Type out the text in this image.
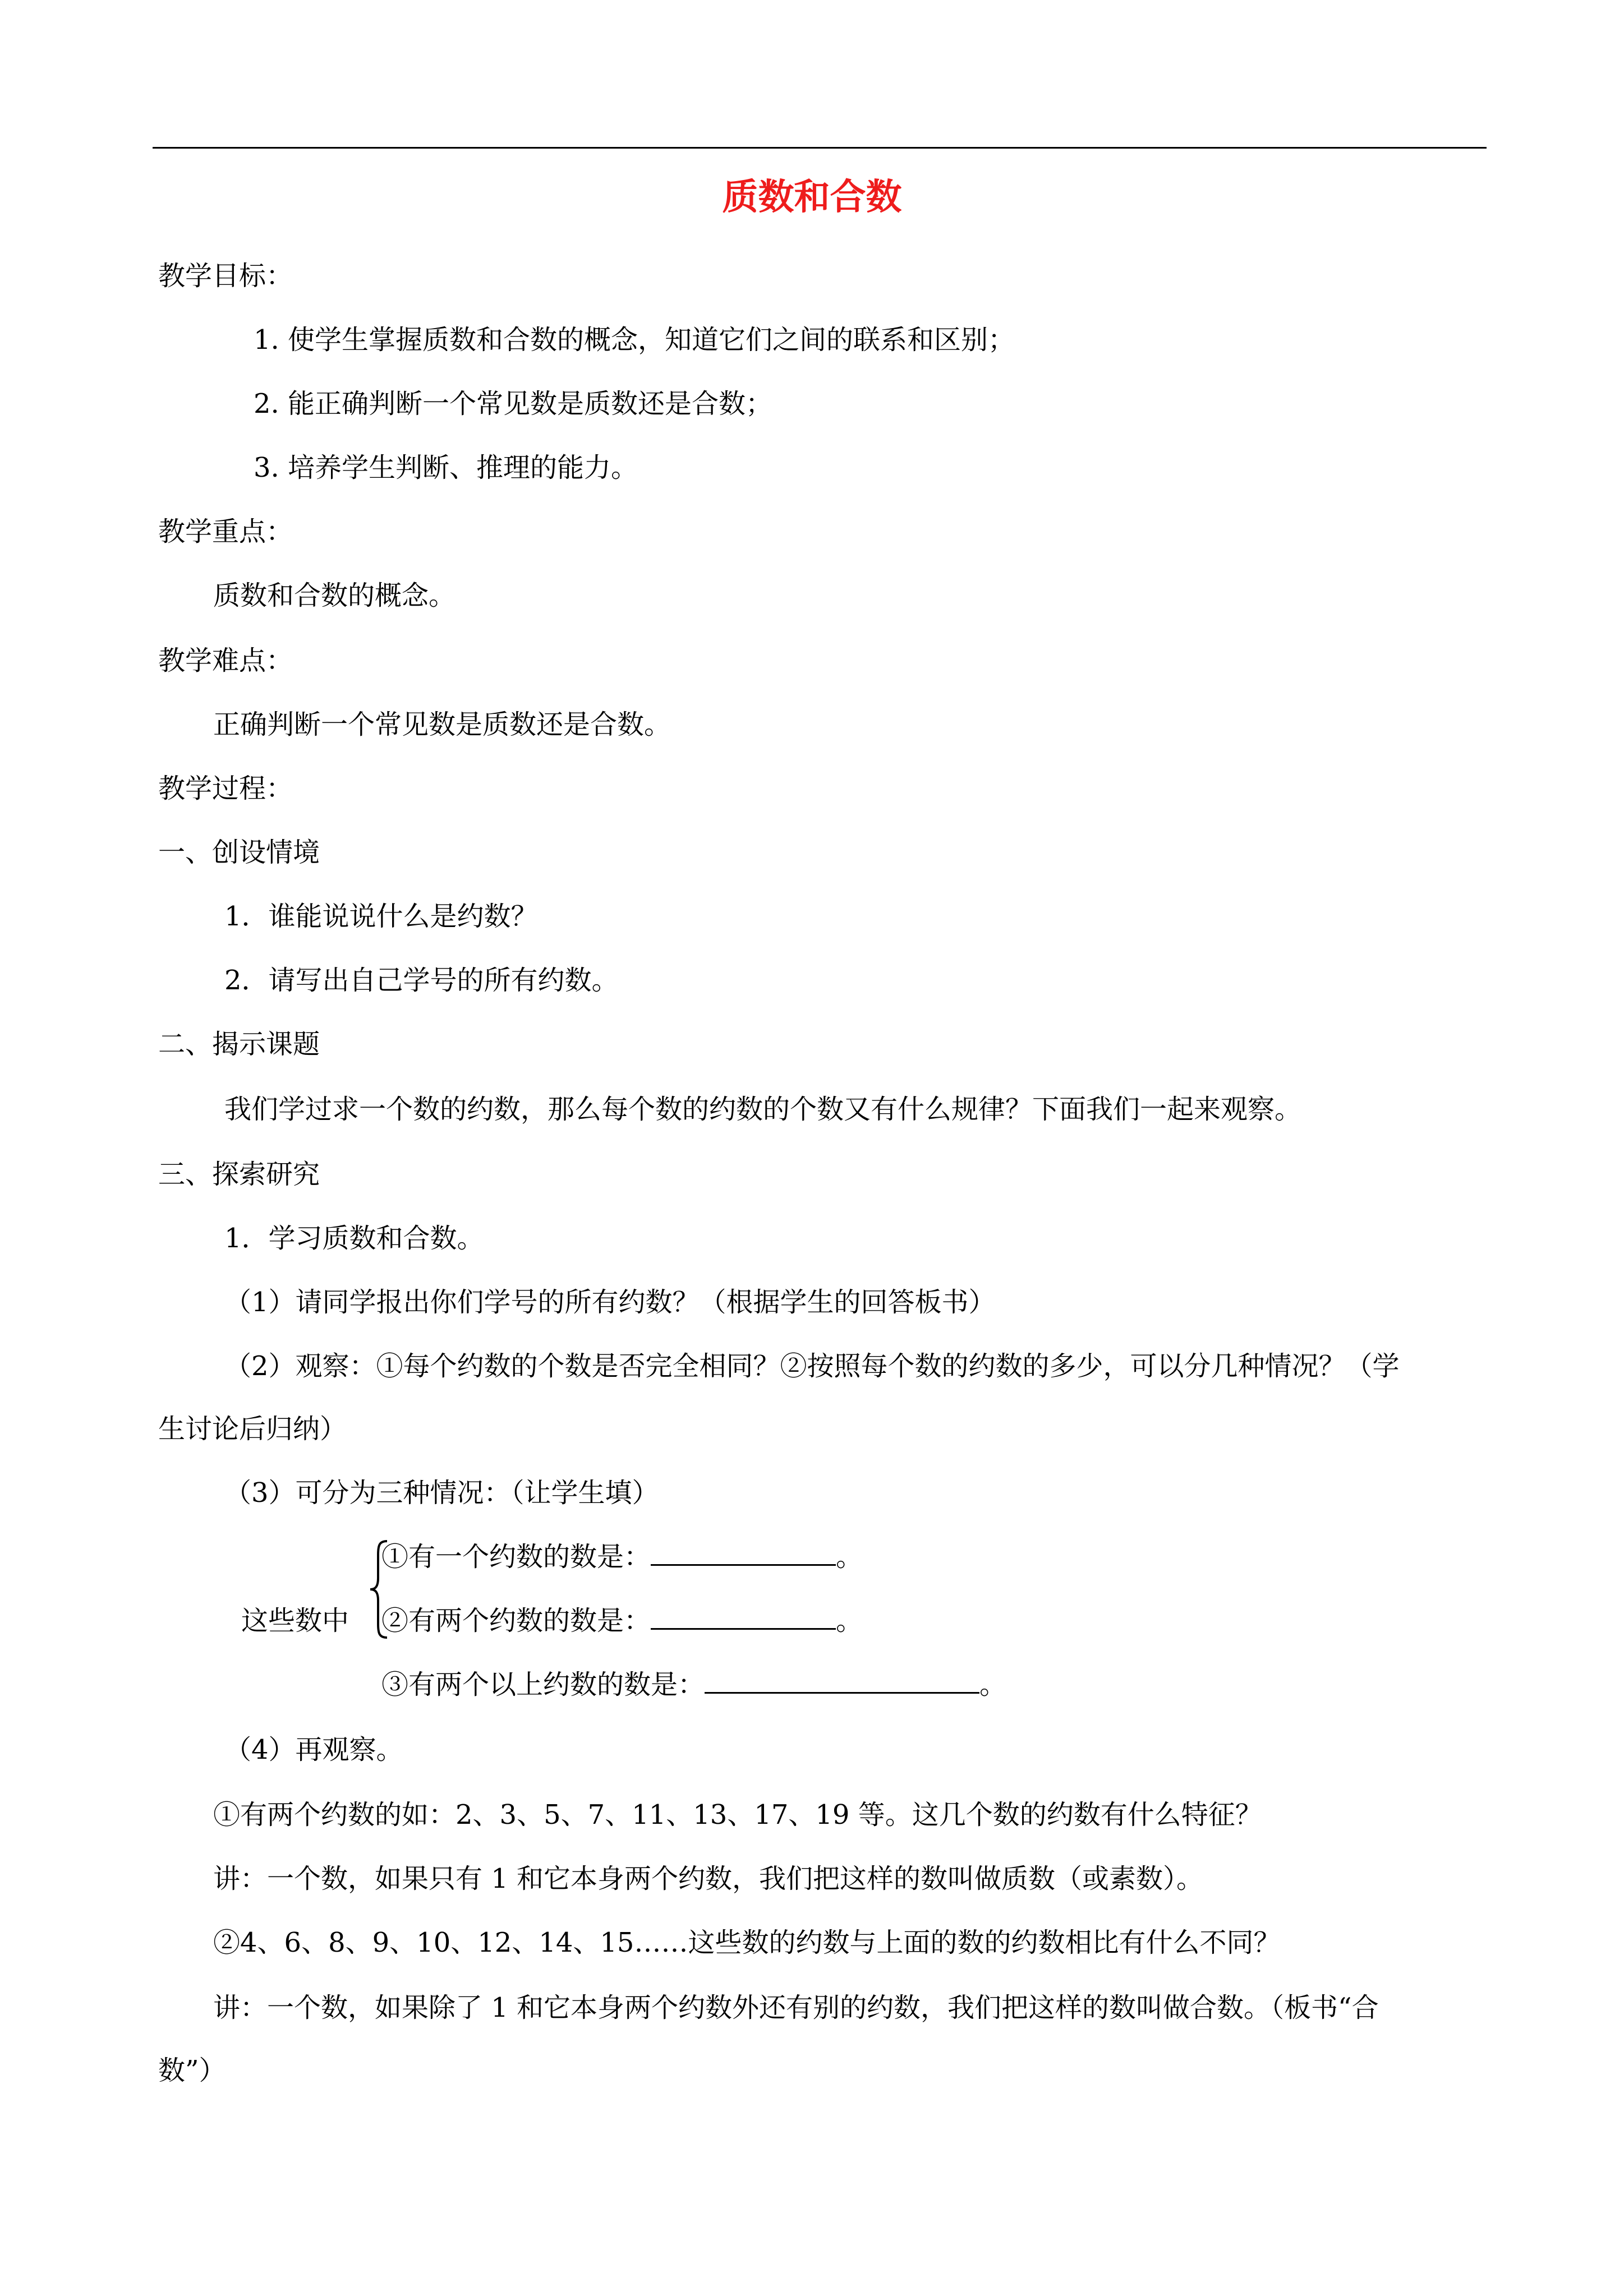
质数和合数
教学目标：
1. 使学生掌握质数和合数的概念，知道它们之间的联系和区别；
2. 能正确判断一个常见数是质数还是合数；
3. 培养学生判断、推理的能力。
教学重点：
质数和合数的概念。
教学难点：
正确判断一个常见数是质数还是合数。
教学过程：
一、创设情境
1．谁能说说什么是约数？
2．请写出自己学号的所有约数。
二、揭示课题
我们学过求一个数的约数，那么每个数的约数的个数又有什么规律？下面我们一起来观察。
三、探索研究
1．学习质数和合数。
（1）请同学报出你们学号的所有约数？（根据学生的回答板书）
（2）观察：①每个约数的个数是否完全相同？②按照每个数的约数的多少，可以分几种情况？（学
生讨论后归纳）
（3）可分为三种情况：（让学生填）
这些数中
①有一个约数的数是：	。
②有两个约数的数是：	。
③有两个以上约数的数是：	。
（4）再观察。
①有两个约数的如：2、3、5、7、11、13、17、19 等。这几个数的约数有什么特征？
讲：一个数，如果只有 1 和它本身两个约数，我们把这样的数叫做质数（或素数）。
②4、6、8、9、10、12、14、15……这些数的约数与上面的数的约数相比有什么不同？
讲：一个数，如果除了 1 和它本身两个约数外还有别的约数，我们把这样的数叫做合数。（板书“合
数”）
